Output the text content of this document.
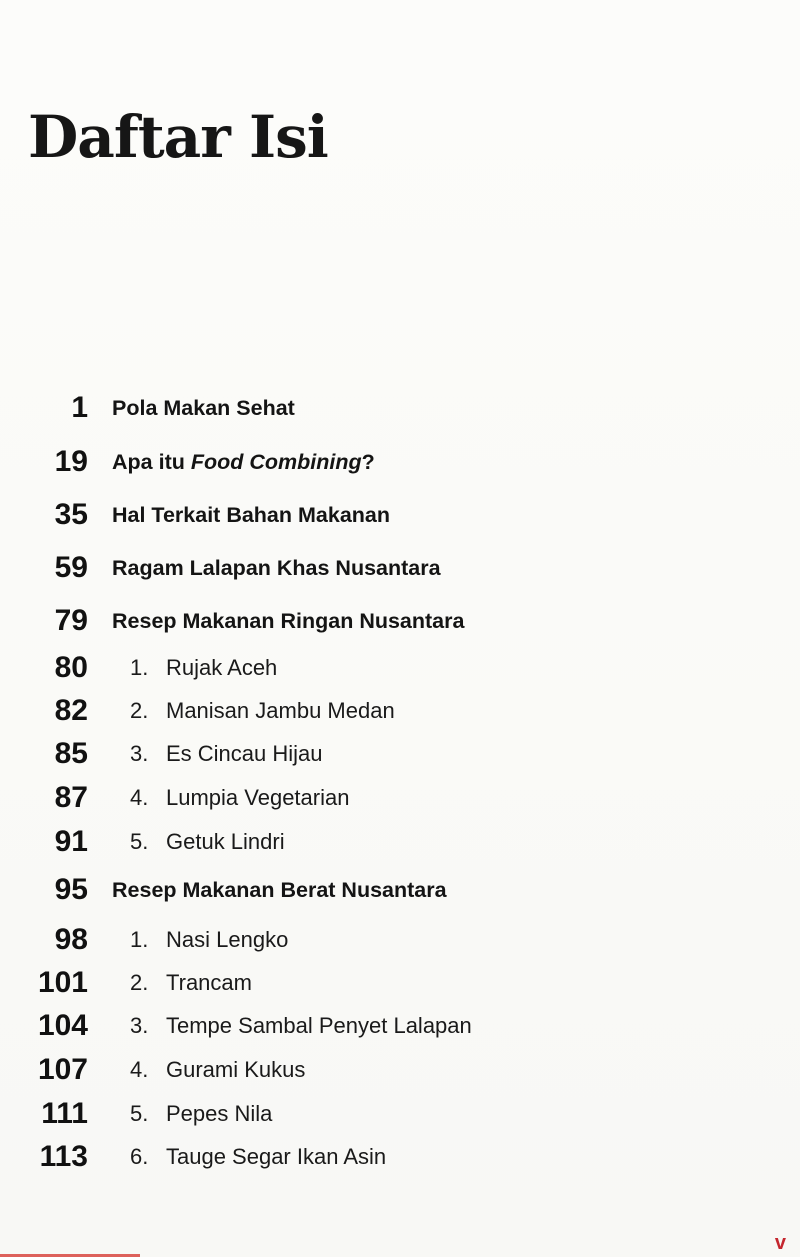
Daftar Isi
1 Pola Makan Sehat
19 Apa itu Food Combining?
35 Hal Terkait Bahan Makanan
59 Ragam Lalapan Khas Nusantara
79 Resep Makanan Ringan Nusantara
80 1. Rujak Aceh
82 2. Manisan Jambu Medan
85 3. Es Cincau Hijau
87 4. Lumpia Vegetarian
91 5. Getuk Lindri
95 Resep Makanan Berat Nusantara
98 1. Nasi Lengko
101 2. Trancam
104 3. Tempe Sambal Penyet Lalapan
107 4. Gurami Kukus
111 5. Pepes Nila
113 6. Tauge Segar Ikan Asin
v
